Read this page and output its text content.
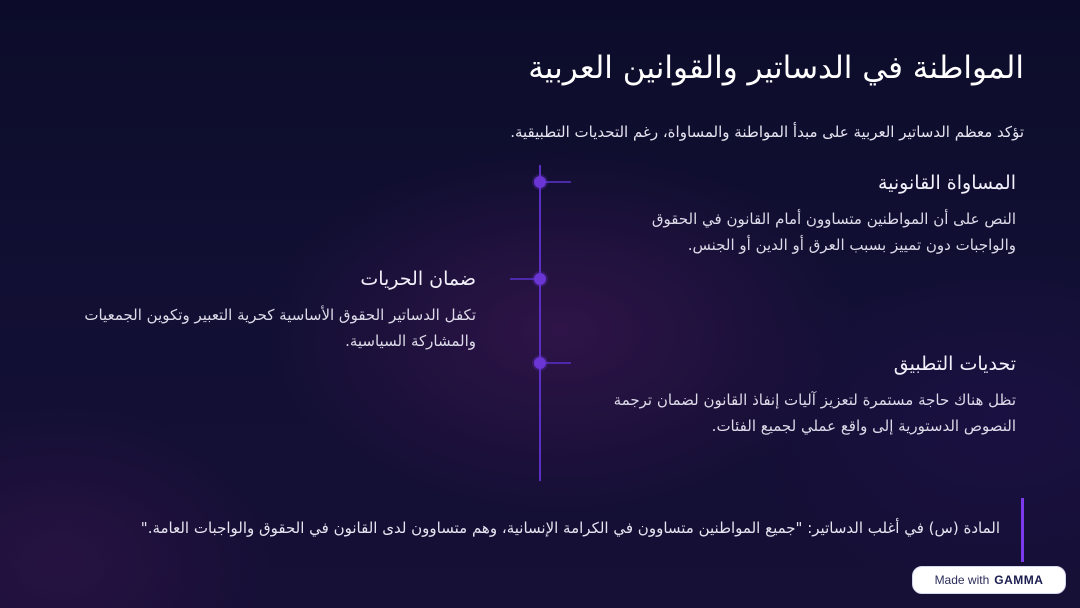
المواطنة في الدساتير والقوانين العربية

تؤكد معظم الدساتير العربية على مبدأ المواطنة والمساواة، رغم التحديات التطبيقية.

المساواة القانونية

النص على أن المواطنين متساوون أمام القانون في الحقوق والواجبات دون تمييز بسبب العرق أو الدين أو الجنس.

ضمان الحريات

تكفل الدساتير الحقوق الأساسية كحرية التعبير وتكوين الجمعيات والمشاركة السياسية.

تحديات التطبيق

تظل هناك حاجة مستمرة لتعزيز آليات إنفاذ القانون لضمان ترجمة النصوص الدستورية إلى واقع عملي لجميع الفئات.

المادة (س) في أغلب الدساتير: "جميع المواطنين متساوون في الكرامة الإنسانية، وهم متساوون لدى القانون في الحقوق والواجبات العامة."

Made with GAMMA
